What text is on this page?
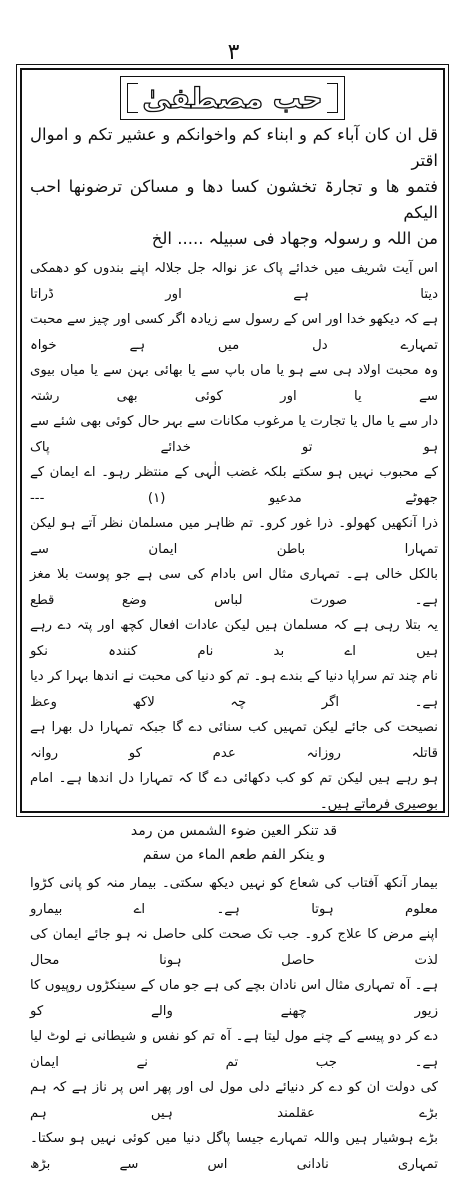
۳
حب مصطفیٰ

قل ان کان آباء کم و ابناء کم واخوانکم و عشیر تکم و اموال اقتر

فتمو ھا و تجارۃ تخشون کسا دھا و مساکن ترضونھا احب الیکم

من اللہ و رسولہ وجھاد فی سبیلہ ..... الخ

اس آیت شریف میں خدائے پاک عز نوالہ جل جلالہ اپنے بندوں کو دھمکی دیتا ہے اور ڈراتا

ہے کہ دیکھو خدا اور اس کے رسول سے زیادہ اگر کسی اور چیز سے محبت تمہارے دل میں ہے خواہ

وہ محبت اولاد ہی سے ہو یا ماں باپ سے یا بھائی بہن سے یا میاں بیوی سے یا اور کوئی بھی رشتہ

دار سے یا مال یا تجارت یا مرغوب مکانات سے بہر حال کوئی بھی شئے سے ہو تو خدائے پاک

کے محبوب نہیں ہو سکتے بلکہ غضب الٰہی کے منتظر رہو۔ اے ایمان کے جھوٹے مدعیو (۱) ---

ذرا آنکھیں کھولو۔ ذرا غور کرو۔ تم ظاہر میں مسلمان نظر آتے ہو لیکن تمہارا باطن ایمان سے

بالکل خالی ہے۔ تمہاری مثال اس بادام کی سی ہے جو پوست بلا مغز ہے۔ صورت لباس وضع قطع

یہ بتلا رہی ہے کہ مسلمان ہیں لیکن عادات افعال کچھ اور پتہ دے رہے ہیں اے بد نام کنندہ نکو

نام چند تم سراپا دنیا کے بندے ہو۔ تم کو دنیا کی محبت نے اندھا بہرا کر دیا ہے۔ اگر چہ لاکھ وعظ

نصیحت کی جائے لیکن تمہیں کب سنائی دے گا جبکہ تمہارا دل بھرا ہے قاتلہ روزانہ عدم کو روانہ

ہو رہے ہیں لیکن تم کو کب دکھائی دے گا کہ تمہارا دل اندھا ہے۔ امام بوصیری فرماتے ہیں۔

قد تنکر العین ضوء الشمس من رمد

و ینکر الفم طعم الماء من سقم

بیمار آنکھ آفتاب کی شعاع کو نہیں دیکھ سکتی۔ بیمار منہ کو پانی کڑوا معلوم ہوتا ہے۔ اے بیمارو

اپنے مرض کا علاج کرو۔ جب تک صحت کلی حاصل نہ ہو جائے ایمان کی لذت حاصل ہونا محال

ہے۔ آہ تمہاری مثال اس نادان بچے کی ہے جو ماں کے سینکڑوں روپیوں کا زیور چھنے والے کو

دے کر دو پیسے کے چنے مول لیتا ہے۔ آہ تم کو نفس و شیطانی نے لوٹ لیا ہے۔ جب تم نے ایمان

کی دولت ان کو دے کر دنیائے دلی مول لی اور پھر اس پر ناز ہے کہ ہم بڑے عقلمند ہیں ہم

بڑے ہوشیار ہیں واللہ تمہارے جیسا پاگل دنیا میں کوئی نہیں ہو سکتا۔ تمہاری نادانی اس سے بڑھ
